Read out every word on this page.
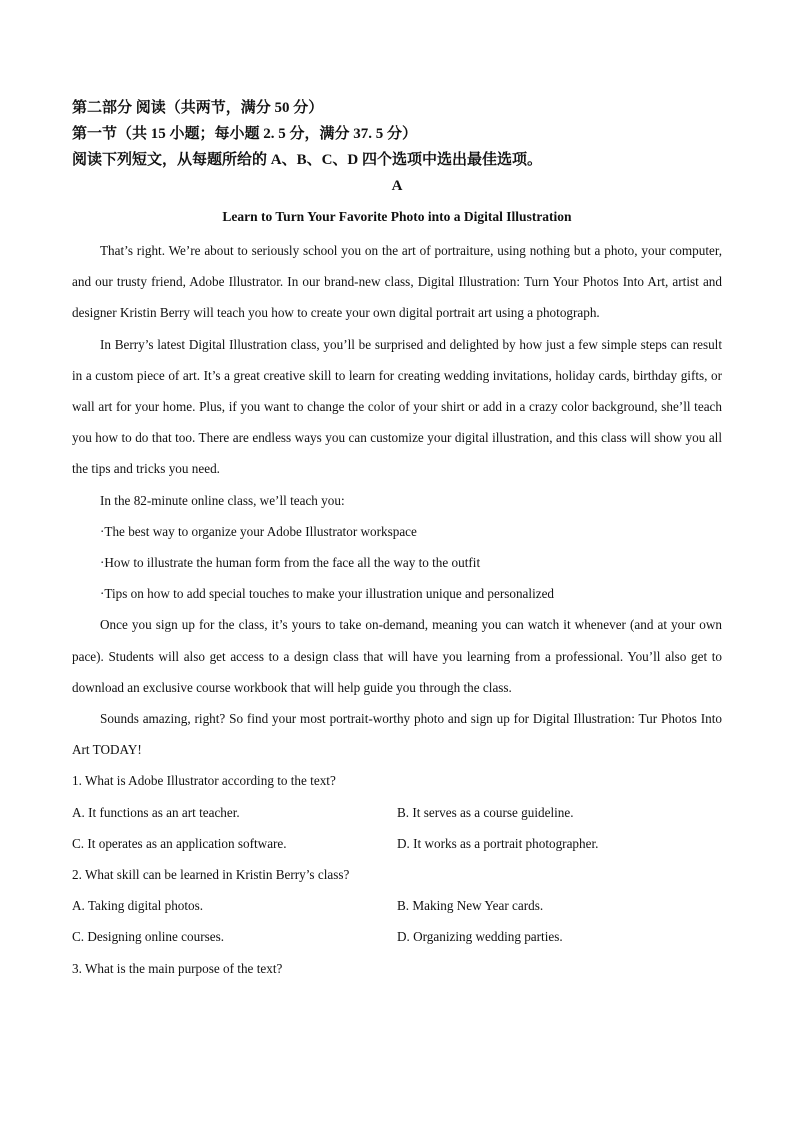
第二部分 阅读（共两节，满分 50 分）
第一节（共 15 小题；每小题 2. 5 分，满分 37. 5 分）
阅读下列短文，从每题所给的 A、B、C、D 四个选项中选出最佳选项。
A
Learn to Turn Your Favorite Photo into a Digital Illustration

That’s right. We’re about to seriously school you on the art of portraiture, using nothing but a photo, your computer, and our trusty friend, Adobe Illustrator. In our brand-new class, Digital Illustration: Turn Your Photos Into Art, artist and designer Kristin Berry will teach you how to create your own digital portrait art using a photograph.

In Berry’s latest Digital Illustration class, you’ll be surprised and delighted by how just a few simple steps can result in a custom piece of art. It’s a great creative skill to learn for creating wedding invitations, holiday cards, birthday gifts, or wall art for your home. Plus, if you want to change the color of your shirt or add in a crazy color background, she’ll teach you how to do that too. There are endless ways you can customize your digital illustration, and this class will show you all the tips and tricks you need.

In the 82-minute online class, we’ll teach you:

·The best way to organize your Adobe Illustrator workspace
·How to illustrate the human form from the face all the way to the outfit
·Tips on how to add special touches to make your illustration unique and personalized

Once you sign up for the class, it’s yours to take on-demand, meaning you can watch it whenever (and at your own pace). Students will also get access to a design class that will have you learning from a professional. You’ll also get to download an exclusive course workbook that will help guide you through the class.

Sounds amazing, right? So find your most portrait-worthy photo and sign up for Digital Illustration: Tur Photos Into Art TODAY!

1. What is Adobe Illustrator according to the text?
A. It functions as an art teacher.	B. It serves as a course guideline.
C. It operates as an application software.	D. It works as a portrait photographer.
2. What skill can be learned in Kristin Berry’s class?
A. Taking digital photos.	B. Making New Year cards.
C. Designing online courses.	D. Organizing wedding parties.
3. What is the main purpose of the text?
